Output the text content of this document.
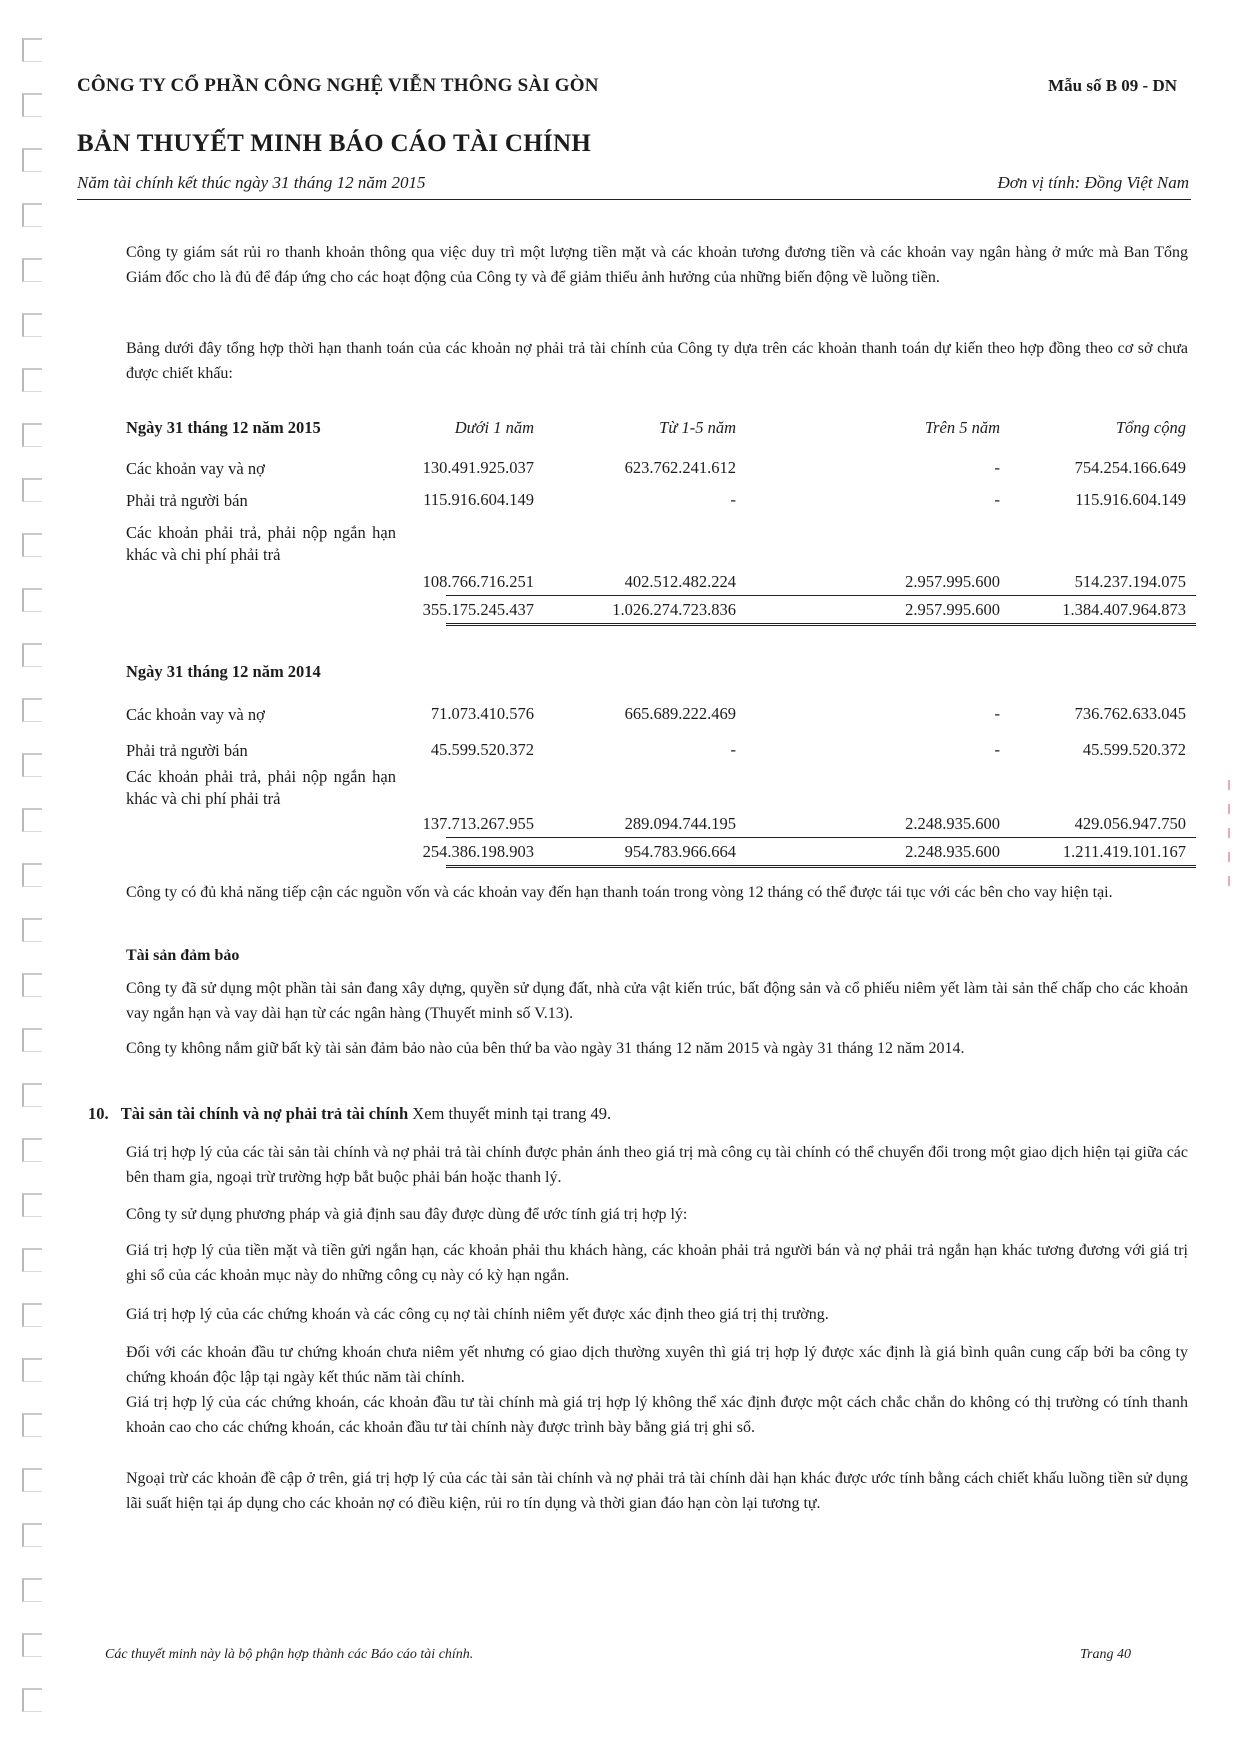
CÔNG TY CỔ PHẦN CÔNG NGHỆ VIỄN THÔNG SÀI GÒN	Mẫu số B 09 - DN
BẢN THUYẾT MINH BÁO CÁO TÀI CHÍNH
Năm tài chính kết thúc ngày 31 tháng 12 năm 2015	Đơn vị tính: Đồng Việt Nam
Công ty giám sát rủi ro thanh khoản thông qua việc duy trì một lượng tiền mặt và các khoản tương đương tiền và các khoản vay ngân hàng ở mức mà Ban Tổng Giám đốc cho là đủ để đáp ứng cho các hoạt động của Công ty và để giảm thiểu ảnh hưởng của những biến động về luồng tiền.
Bảng dưới đây tổng hợp thời hạn thanh toán của các khoản nợ phải trả tài chính của Công ty dựa trên các khoản thanh toán dự kiến theo hợp đồng theo cơ sở chưa được chiết khấu:
Ngày 31 tháng 12 năm 2015	Dưới 1 năm	Từ 1-5 năm	Trên 5 năm	Tổng cộng
Các khoản vay và nợ	130.491.925.037	623.762.241.612	-	754.254.166.649
Phải trả người bán	115.916.604.149	-	-	115.916.604.149
Các khoản phải trả, phải nộp ngắn hạn khác và chi phí phải trả
108.766.716.251	402.512.482.224	2.957.995.600	514.237.194.075
355.175.245.437	1.026.274.723.836	2.957.995.600	1.384.407.964.873
Ngày 31 tháng 12 năm 2014
Các khoản vay và nợ	71.073.410.576	665.689.222.469	-	736.762.633.045
Phải trả người bán	45.599.520.372	-	-	45.599.520.372
Các khoản phải trả, phải nộp ngắn hạn khác và chi phí phải trả
137.713.267.955	289.094.744.195	2.248.935.600	429.056.947.750
254.386.198.903	954.783.966.664	2.248.935.600	1.211.419.101.167
Công ty có đủ khả năng tiếp cận các nguồn vốn và các khoản vay đến hạn thanh toán trong vòng 12 tháng có thể được tái tục với các bên cho vay hiện tại.
Tài sản đảm bảo
Công ty đã sử dụng một phần tài sản đang xây dựng, quyền sử dụng đất, nhà cửa vật kiến trúc, bất động sản và cổ phiếu niêm yết làm tài sản thế chấp cho các khoản vay ngắn hạn và vay dài hạn từ các ngân hàng (Thuyết minh số V.13).
Công ty không nắm giữ bất kỳ tài sản đảm bảo nào của bên thứ ba vào ngày 31 tháng 12 năm 2015 và ngày 31 tháng 12 năm 2014.
10. Tài sản tài chính và nợ phải trả tài chính Xem thuyết minh tại trang 49.
Giá trị hợp lý của các tài sản tài chính và nợ phải trả tài chính được phản ánh theo giá trị mà công cụ tài chính có thể chuyển đổi trong một giao dịch hiện tại giữa các bên tham gia, ngoại trừ trường hợp bắt buộc phải bán hoặc thanh lý.
Công ty sử dụng phương pháp và giả định sau đây được dùng để ước tính giá trị hợp lý:
Giá trị hợp lý của tiền mặt và tiền gửi ngắn hạn, các khoản phải thu khách hàng, các khoản phải trả người bán và nợ phải trả ngắn hạn khác tương đương với giá trị ghi sổ của các khoản mục này do những công cụ này có kỳ hạn ngắn.
Giá trị hợp lý của các chứng khoán và các công cụ nợ tài chính niêm yết được xác định theo giá trị thị trường.
Đối với các khoản đầu tư chứng khoán chưa niêm yết nhưng có giao dịch thường xuyên thì giá trị hợp lý được xác định là giá bình quân cung cấp bởi ba công ty chứng khoán độc lập tại ngày kết thúc năm tài chính.
Giá trị hợp lý của các chứng khoán, các khoản đầu tư tài chính mà giá trị hợp lý không thể xác định được một cách chắc chắn do không có thị trường có tính thanh khoản cao cho các chứng khoán, các khoản đầu tư tài chính này được trình bày bằng giá trị ghi sổ.
Ngoại trừ các khoản đề cập ở trên, giá trị hợp lý của các tài sản tài chính và nợ phải trả tài chính dài hạn khác được ước tính bằng cách chiết khấu luồng tiền sử dụng lãi suất hiện tại áp dụng cho các khoản nợ có điều kiện, rủi ro tín dụng và thời gian đáo hạn còn lại tương tự.
Các thuyết minh này là bộ phận hợp thành các Báo cáo tài chính.	Trang 40
